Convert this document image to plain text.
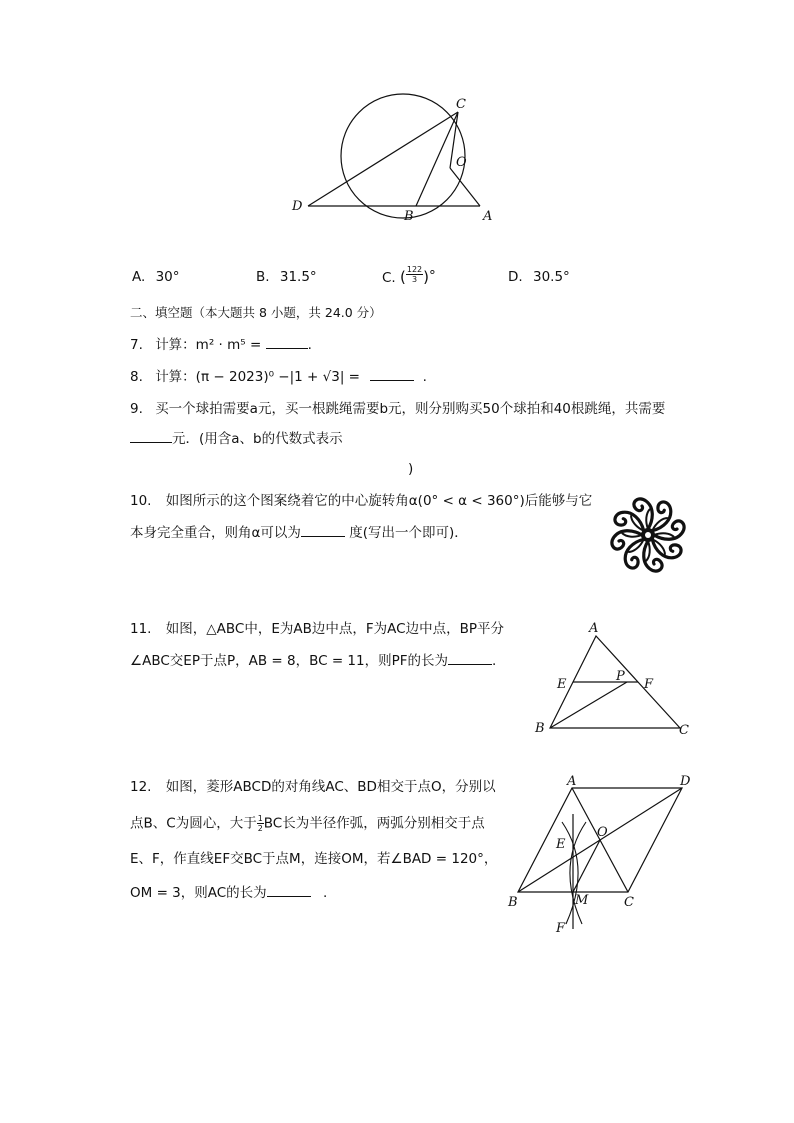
C
O
D
B	A
A. 30°	B. 31.5°	C. ( $\frac{122}{3}$ )°	D. 30.5°
二、填空题（本大题共 8 小题，共 24.0 分）
7. 计算：m² · m⁵ =	.
8. 计算：(π − 2023)⁰ −|1 + √3| =	.
9. 买一个球拍需要a元，买一根跳绳需要b元，则分别购买50个球拍和40根跳绳，共需要
元．(用含a、b的代数式表示
)
10. 如图所示的这个图案绕着它的中心旋转角α(0° < α < 360°)后能够与它
本身完全重合，则角α可以为	度(写出一个即可)．
11. 如图，△ABC中，E为AB边中点，F为AC边中点，BP平分
∠ABC交EP于点P，AB = 8，BC = 11，则PF的长为	.
A
E
P
F
B	C
12. 如图，菱形ABCD的对角线AC、BD相交于点O，分别以
点B、C为圆心，大于 $\frac{1}{2}$ BC长为半径作弧，两弧分别相交于点
E、F，作直线EF交BC于点M，连接OM，若∠BAD = 120°，
OM = 3，则AC的长为	.
A	D
O
E
B	M	C
F
